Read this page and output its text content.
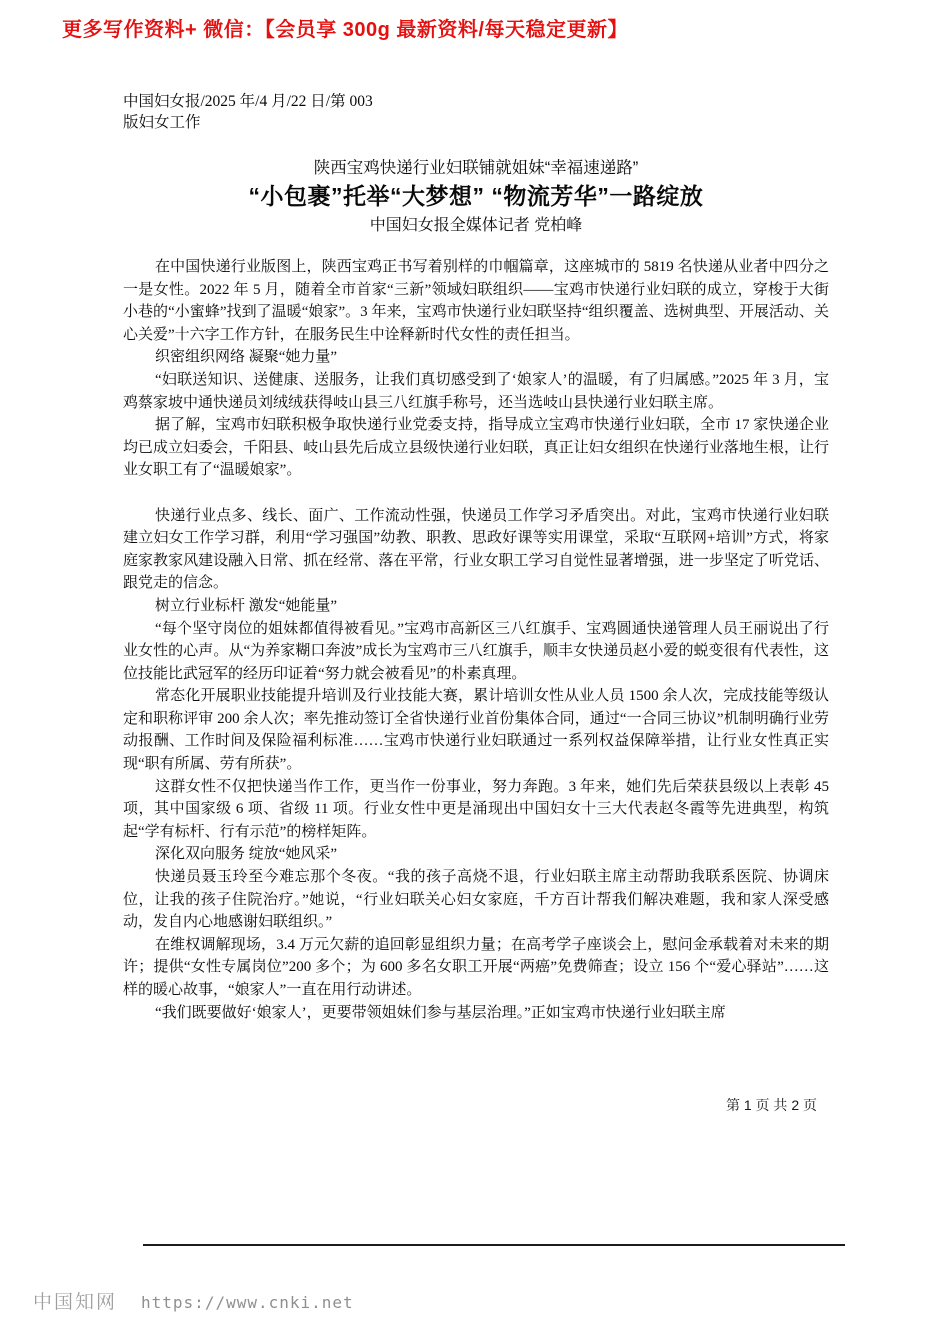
更多写作资料+ 微信：【会员享 300g 最新资料/每天稳定更新】
中国妇女报/2025 年/4 月/22 日/第 003
版妇女工作

陕西宝鸡快递行业妇联铺就姐妹“幸福速递路”

“小包裹”托举“大梦想” “物流芳华”一路绽放

中国妇女报全媒体记者 党柏峰

在中国快递行业版图上，陕西宝鸡正书写着别样的巾帼篇章，这座城市的 5819 名快递从业者中四分之一是女性。2022 年 5 月，随着全市首家“三新”领域妇联组织——宝鸡市快递行业妇联的成立，穿梭于大街小巷的“小蜜蜂”找到了温暖“娘家”。3 年来，宝鸡市快递行业妇联坚持“组织覆盖、选树典型、开展活动、关心关爱”十六字工作方针，在服务民生中诠释新时代女性的责任担当。

织密组织网络 凝聚“她力量”

“妇联送知识、送健康、送服务，让我们真切感受到了‘娘家人’的温暖，有了归属感。”2025 年 3 月，宝鸡蔡家坡中通快递员刘绒绒获得岐山县三八红旗手称号，还当选岐山县快递行业妇联主席。

据了解，宝鸡市妇联积极争取快递行业党委支持，指导成立宝鸡市快递行业妇联，全市 17 家快递企业均已成立妇委会，千阳县、岐山县先后成立县级快递行业妇联，真正让妇女组织在快递行业落地生根，让行业女职工有了“温暖娘家”。

快递行业点多、线长、面广、工作流动性强，快递员工作学习矛盾突出。对此，宝鸡市快递行业妇联建立妇女工作学习群，利用“学习强国”幼教、职教、思政好课等实用课堂，采取“互联网+培训”方式，将家庭家教家风建设融入日常、抓在经常、落在平常，行业女职工学习自觉性显著增强，进一步坚定了听党话、跟党走的信念。

树立行业标杆 激发“她能量”

“每个坚守岗位的姐妹都值得被看见。”宝鸡市高新区三八红旗手、宝鸡圆通快递管理人员王丽说出了行业女性的心声。从“为养家糊口奔波”成长为宝鸡市三八红旗手，顺丰女快递员赵小爱的蜕变很有代表性，这位技能比武冠军的经历印证着“努力就会被看见”的朴素真理。

常态化开展职业技能提升培训及行业技能大赛，累计培训女性从业人员 1500 余人次，完成技能等级认定和职称评审 200 余人次；率先推动签订全省快递行业首份集体合同，通过“一合同三协议”机制明确行业劳动报酬、工作时间及保险福利标准……宝鸡市快递行业妇联通过一系列权益保障举措，让行业女性真正实现“职有所属、劳有所获”。

这群女性不仅把快递当作工作，更当作一份事业，努力奔跑。3 年来，她们先后荣获县级以上表彰 45 项，其中国家级 6 项、省级 11 项。行业女性中更是涌现出中国妇女十三大代表赵冬霞等先进典型，构筑起“学有标杆、行有示范”的榜样矩阵。

深化双向服务 绽放“她风采”

快递员聂玉玲至今难忘那个冬夜。“我的孩子高烧不退，行业妇联主席主动帮助我联系医院、协调床位，让我的孩子住院治疗。”她说，“行业妇联关心妇女家庭，千方百计帮我们解决难题，我和家人深受感动，发自内心地感谢妇联组织。”

在维权调解现场，3.4 万元欠薪的追回彰显组织力量；在高考学子座谈会上，慰问金承载着对未来的期许；提供“女性专属岗位”200 多个；为 600 多名女职工开展“两癌”免费筛查；设立 156 个“爱心驿站”……这样的暖心故事，“娘家人”一直在用行动讲述。

“我们既要做好‘娘家人’，更要带领姐妹们参与基层治理。”正如宝鸡市快递行业妇联主席

第 1 页 共 2 页
中国知网 https://www.cnki.net
